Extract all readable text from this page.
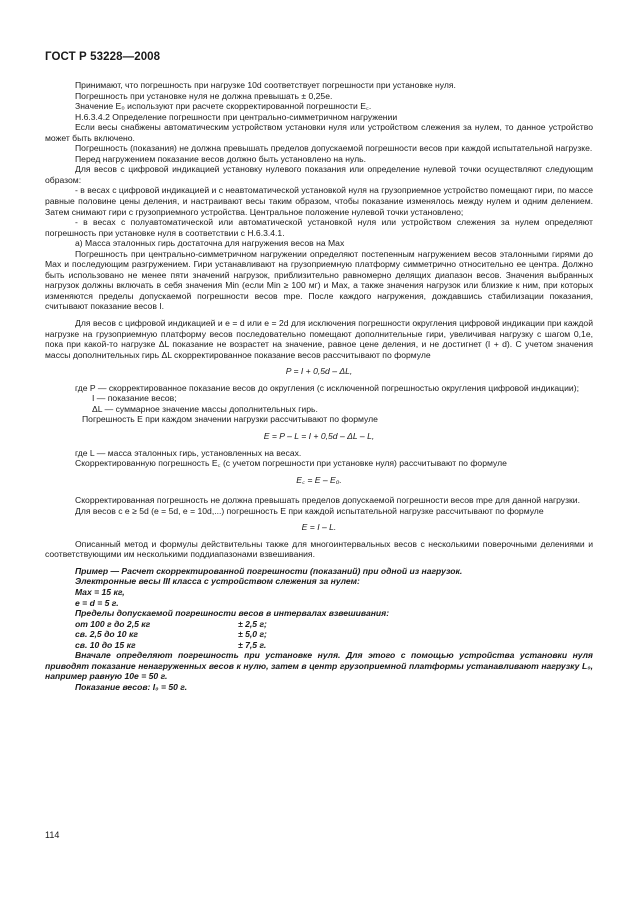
ГОСТ Р 53228—2008

Принимают, что погрешность при нагрузке 10d соответствует погрешности при установке нуля.

Погрешность при установке нуля не должна превышать ± 0,25e.

Значение E₀ используют при расчете скорректированной погрешности E꜀.

Н.6.3.4.2 Определение погрешности при центрально-симметричном нагружении

Если весы снабжены автоматическим устройством установки нуля или устройством слежения за нулем, то данное устройство может быть включено.

Погрешность (показания) не должна превышать пределов допускаемой погрешности весов при каждой испытательной нагрузке.

Перед нагружением показание весов должно быть установлено на нуль.

Для весов с цифровой индикацией установку нулевого показания или определение нулевой точки осуществляют следующим образом:

- в весах с цифровой индикацией и с неавтоматической установкой нуля на грузоприемное устройство помещают гири, по массе равные половине цены деления, и настраивают весы таким образом, чтобы показание изменялось между нулем и одним делением. Затем снимают гири с грузоприемного устройства. Центральное положение нулевой точки установлено;

- в весах с полуавтоматической или автоматической установкой нуля или устройством слежения за нулем определяют погрешность при установке нуля в соответствии с Н.6.3.4.1.

а) Масса эталонных гирь достаточна для нагружения весов на Max

Погрешность при центрально-симметричном нагружении определяют постепенным нагружением весов эталонными гирями до Max и последующим разгружением. Гири устанавливают на грузоприемную платформу симметрично относительно ее центра. Должно быть использовано не менее пяти значений нагрузок, приблизительно равномерно делящих диапазон весов. Значения выбранных нагрузок должны включать в себя значения Min (если Min ≥ 100 мг) и Max, а также значения нагрузок или близкие к ним, при которых изменяются пределы допускаемой погрешности весов mpe. После каждого нагружения, дождавшись стабилизации показания, считывают показание весов I.

Для весов с цифровой индикацией и e = d или e = 2d для исключения погрешности округления цифровой индикации при каждой нагрузке на грузоприемную платформу весов последовательно помещают дополнительные гири, увеличивая нагрузку с шагом 0,1e, пока при какой-то нагрузке ΔL показание не возрастет на значение, равное цене деления, и не достигнет (I + d). С учетом значения массы дополнительных гирь ΔL скорректированное показание весов рассчитывают по формуле

P = I + 0,5d – ΔL,

где P — скорректированное показание весов до округления (с исключенной погрешностью округления цифровой индикации);

I — показание весов;

ΔL — суммарное значение массы дополнительных гирь.

Погрешность E при каждом значении нагрузки рассчитывают по формуле

E = P – L = I + 0,5d – ΔL – L,

где L — масса эталонных гирь, установленных на весах.

Скорректированную погрешность E꜀ (с учетом погрешности при установке нуля) рассчитывают по формуле

E꜀ = E – E₀.

Скорректированная погрешность не должна превышать пределов допускаемой погрешности весов mpe для данной нагрузки.

Для весов с e ≥ 5d (e = 5d, e = 10d,...) погрешность E при каждой испытательной нагрузке рассчитывают по формуле

E = I – L.

Описанный метод и формулы действительны также для многоинтервальных весов с несколькими поверочными делениями и соответствующими им несколькими поддиапазонами взвешивания.

Пример — Расчет скорректированной погрешности (показаний) при одной из нагрузок.

Электронные весы III класса с устройством слежения за нулем:

Max = 15 кг,

e = d = 5 г.

Пределы допускаемой погрешности весов в интервалах взвешивания:

от 100 г до 2,5 кг	± 2,5 г;
св. 2,5 до 10 кг	± 5,0 г;
св. 10 до 15 кг	± 7,5 г.

Вначале определяют погрешность при установке нуля. Для этого с помощью устройства установки нуля приводят показание ненагруженных весов к нулю, затем в центр грузоприемной платформы устанавливают нагрузку L₀, например равную 10e = 50 г.

Показание весов: I₀ = 50 г.

114
